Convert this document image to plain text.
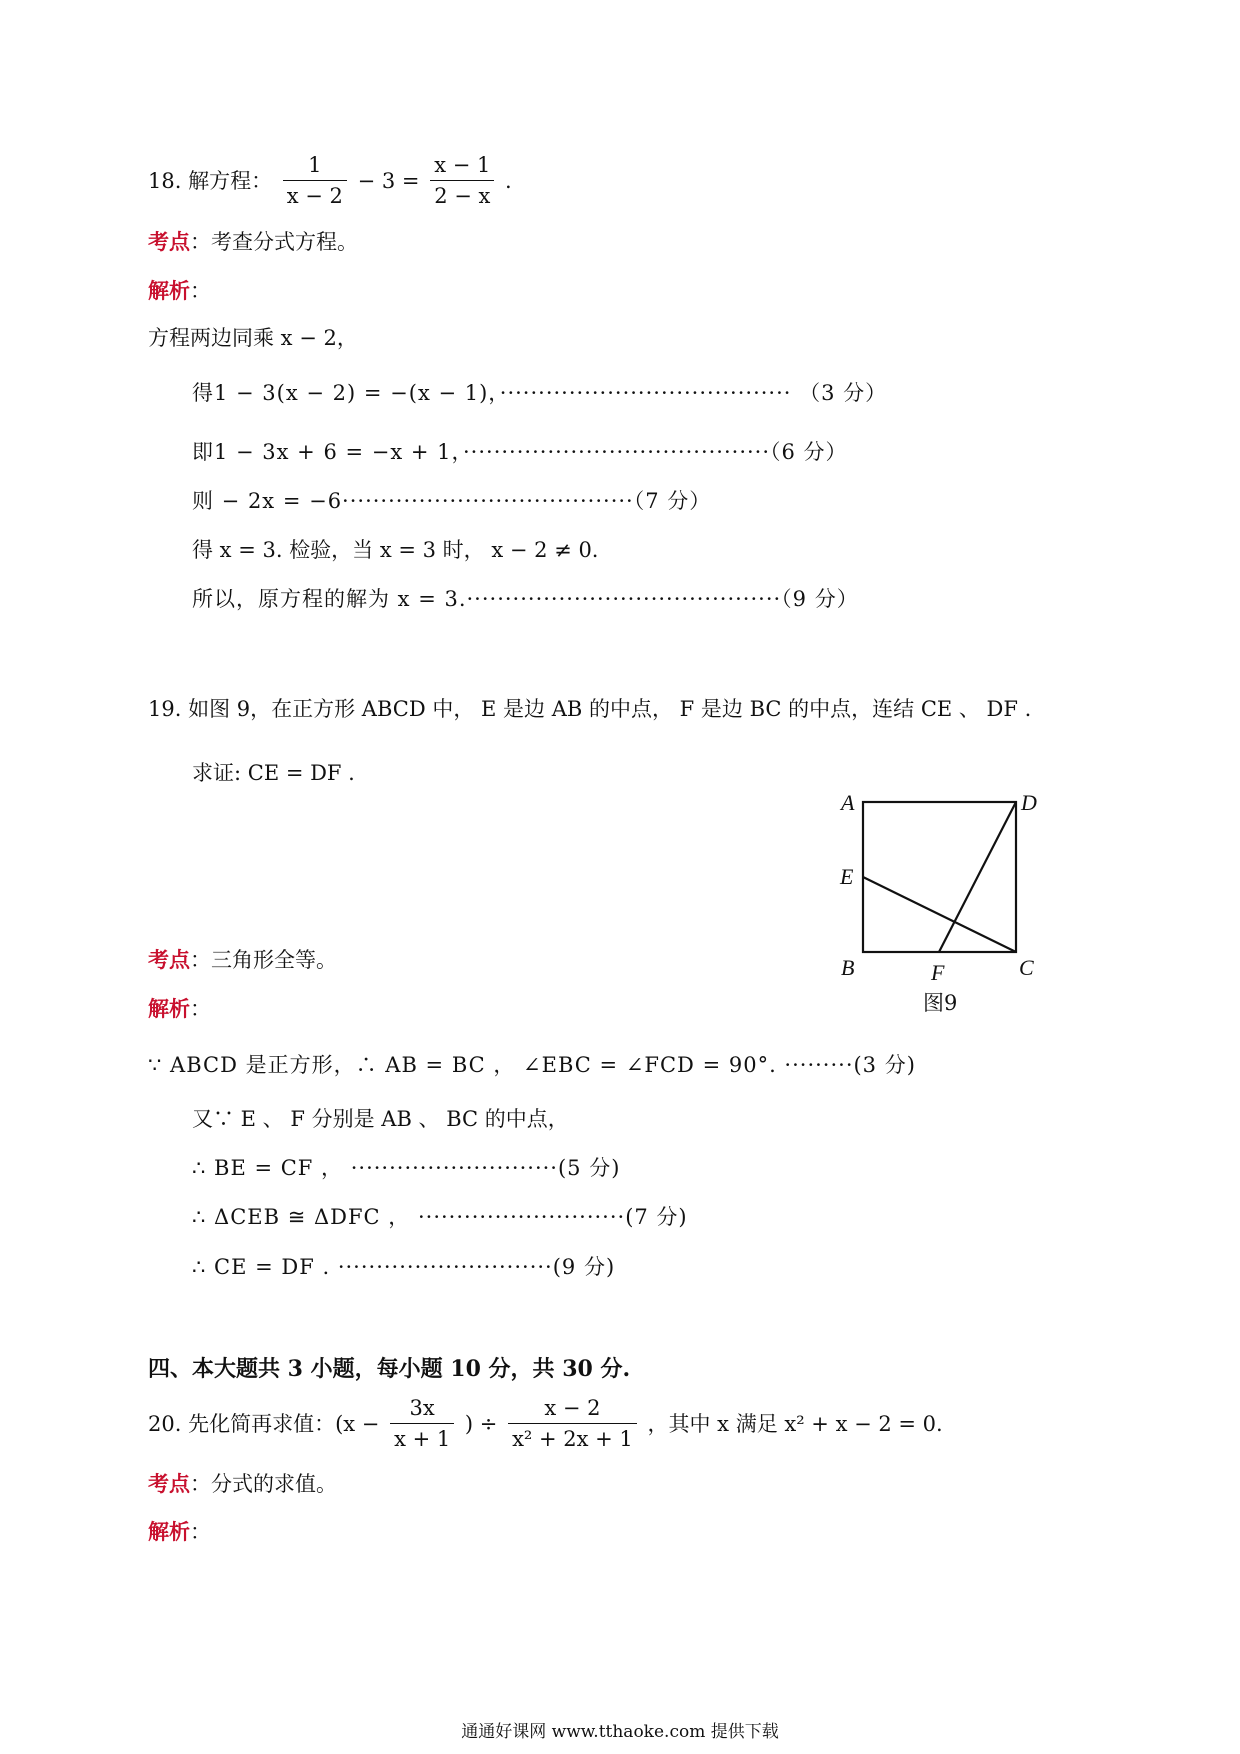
18. 解方程： $\frac{1}{x - 2} - 3 = \frac{x - 1}{2 - x}$ .
考点：考查分式方程。
解析：
方程两边同乘 x − 2，
得1 − 3(x − 2) = −(x − 1)，······································ （3 分）
即1 − 3x + 6 = −x + 1，········································（6 分）
则 − 2x = −6······································（7 分）
得 x = 3. 检验，当 x = 3 时， x − 2 ≠ 0.
所以，原方程的解为 x = 3.·········································（9 分）
19. 如图 9，在正方形 ABCD 中， E 是边 AB 的中点， F 是边 BC 的中点，连结 CE 、 DF .
求证: CE = DF .
A	D
E
B	F	C
图9
考点：三角形全等。
解析：
∵ ABCD 是正方形，∴ AB = BC ， ∠EBC = ∠FCD = 90°. ·········(3 分)
又∵ E 、 F 分别是 AB 、 BC 的中点，
∴ BE = CF ， ···························(5 分)
∴ ΔCEB ≅ ΔDFC ， ···························(7 分)
∴ CE = DF . ····························(9 分)
四、本大题共 3 小题，每小题 10 分，共 30 分.
20. 先化简再求值：($x - \frac{3x}{x + 1}$ ) ÷ $\frac{x - 2}{\text{x² + 2x + 1}}$ ，其中 x 满足 x² + x − 2 = 0.
考点：分式的求值。
解析：
通通好课网 www.tthaoke.com 提供下载
